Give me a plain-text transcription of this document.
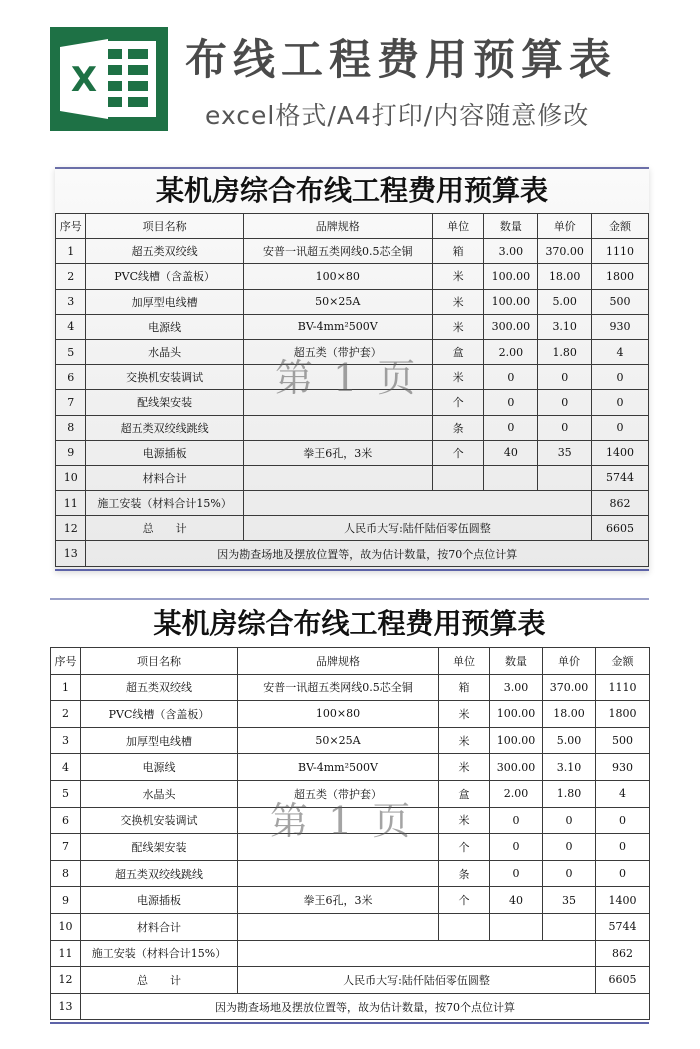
X 布线工程费用预算表
excel格式/A4打印/内容随意修改
某机房综合布线工程费用预算表
序号	项目名称	品牌规格	单位	数量	单价	金额
1	超五类双绞线	安普一讯超五类网线0.5芯全铜	箱	3.00	370.00	1110
2	PVC线槽（含盖板）	100×80	米	100.00	18.00	1800
3	加厚型电线槽	50×25A	米	100.00	5.00	500
4	电源线	BV-4mm²500V	米	300.00	3.10	930
5	水晶头	超五类（带护套）	盒	2.00	1.80	4
6	交换机安装调试		米	0	0	0
7	配线架安装		个	0	0	0
8	超五类双绞线跳线		条	0	0	0
9	电源插板	拳王6孔，3米	个	40	35	1400
10	材料合计					5744
11	施工安装（材料合计15%）					862
12	总　　计	人民币大写:陆仟陆佰零伍圆整				6605
13	因为勘查场地及摆放位置等，故为估计数量，按70个点位计算					
第 1 页
某机房综合布线工程费用预算表
序号	项目名称	品牌规格	单位	数量	单价	金额
1	超五类双绞线	安普一讯超五类网线0.5芯全铜	箱	3.00	370.00	1110
2	PVC线槽（含盖板）	100×80	米	100.00	18.00	1800
3	加厚型电线槽	50×25A	米	100.00	5.00	500
4	电源线	BV-4mm²500V	米	300.00	3.10	930
5	水晶头	超五类（带护套）	盒	2.00	1.80	4
6	交换机安装调试		米	0	0	0
7	配线架安装		个	0	0	0
8	超五类双绞线跳线		条	0	0	0
9	电源插板	拳王6孔，3米	个	40	35	1400
10	材料合计					5744
11	施工安装（材料合计15%）					862
12	总　　计	人民币大写:陆仟陆佰零伍圆整				6605
13	因为勘查场地及摆放位置等，故为估计数量，按70个点位计算					
第 1 页
